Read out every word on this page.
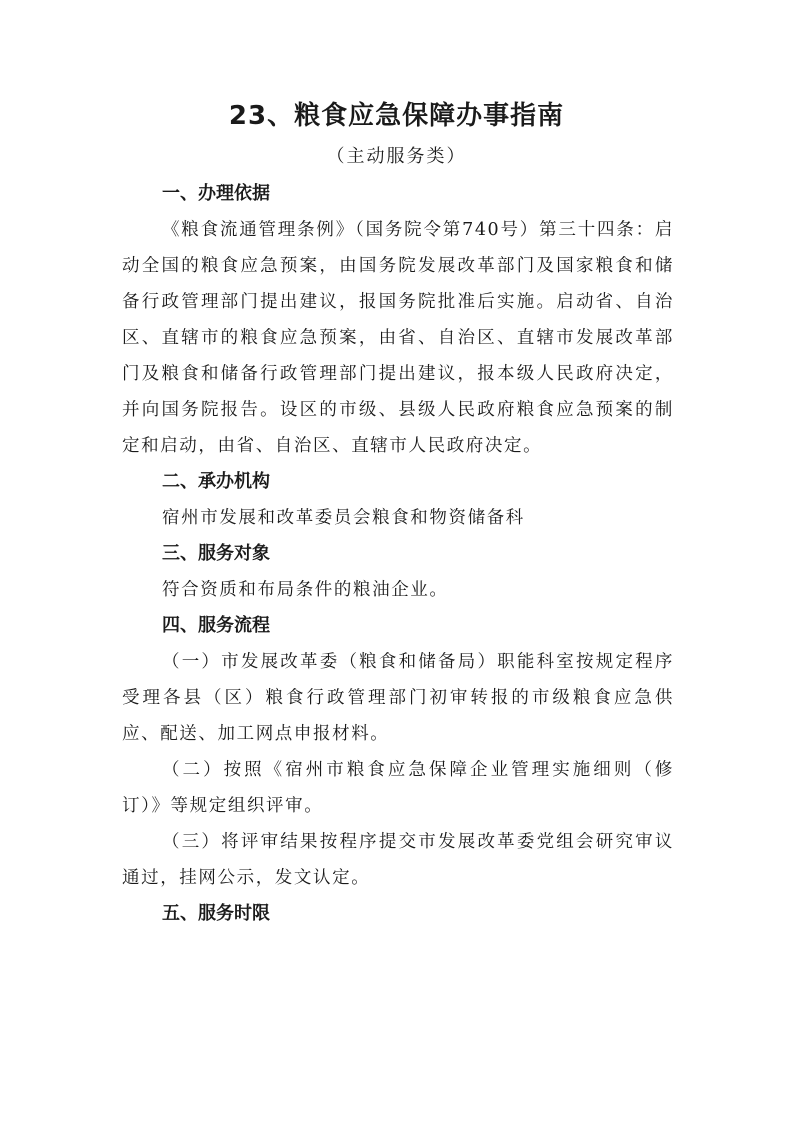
23、粮食应急保障办事指南
（主动服务类）

一、办理依据

《粮食流通管理条例》（国务院令第740号）第三十四条：启动全国的粮食应急预案，由国务院发展改革部门及国家粮食和储备行政管理部门提出建议，报国务院批准后实施。启动省、自治区、直辖市的粮食应急预案，由省、自治区、直辖市发展改革部门及粮食和储备行政管理部门提出建议，报本级人民政府决定，并向国务院报告。设区的市级、县级人民政府粮食应急预案的制定和启动，由省、自治区、直辖市人民政府决定。

二、承办机构

宿州市发展和改革委员会粮食和物资储备科

三、服务对象

符合资质和布局条件的粮油企业。

四、服务流程

（一）市发展改革委（粮食和储备局）职能科室按规定程序受理各县（区）粮食行政管理部门初审转报的市级粮食应急供应、配送、加工网点申报材料。

（二）按照《宿州市粮食应急保障企业管理实施细则（修订）》等规定组织评审。

（三）将评审结果按程序提交市发展改革委党组会研究审议通过，挂网公示，发文认定。

五、服务时限
